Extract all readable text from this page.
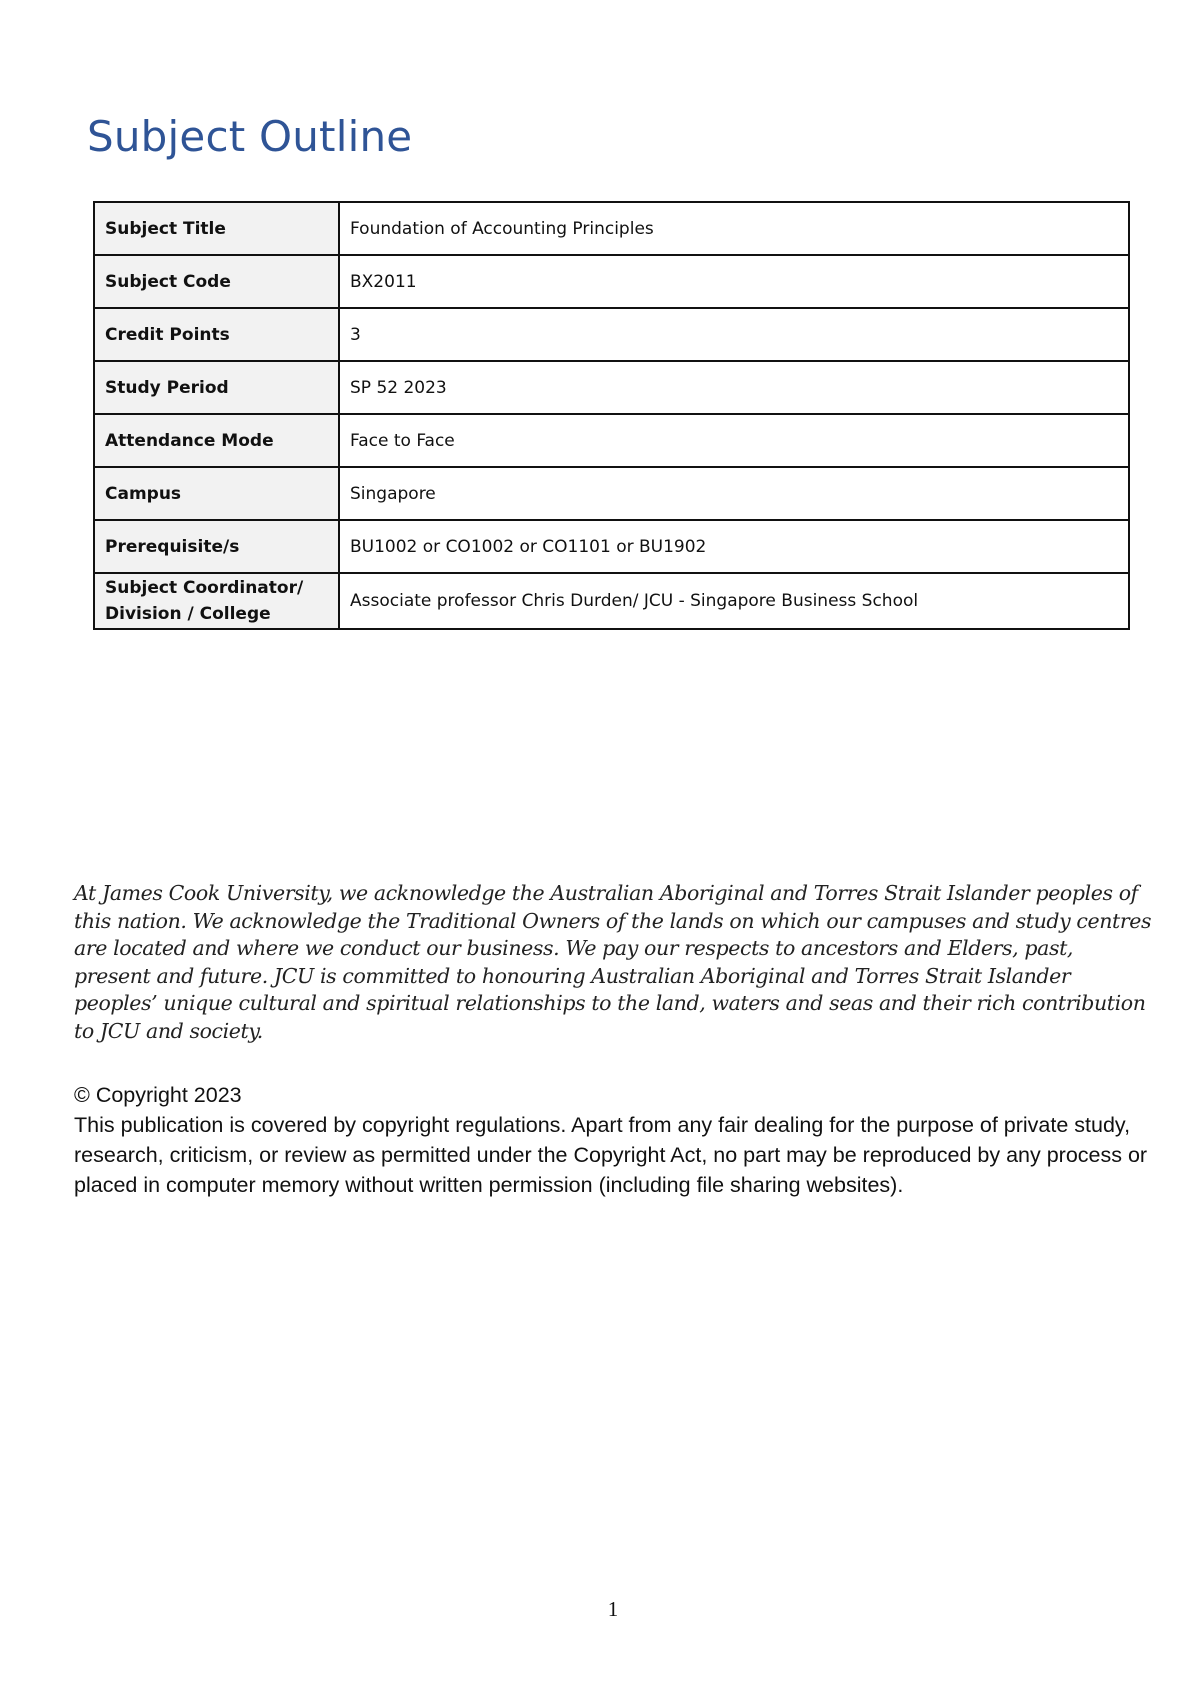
Subject Outline
Subject Title	Foundation of Accounting Principles
Subject Code	BX2011
Credit Points	3
Study Period	SP 52 2023
Attendance Mode	Face to Face
Campus	Singapore
Prerequisite/s	BU1002 or CO1002 or CO1101 or BU1902
Subject Coordinator/
Division / College	Associate professor Chris Durden/ JCU - Singapore Business School

At James Cook University, we acknowledge the Australian Aboriginal and Torres Strait Islander peoples of this nation. We acknowledge the Traditional Owners of the lands on which our campuses and study centres are located and where we conduct our business. We pay our respects to ancestors and Elders, past, present and future. JCU is committed to honouring Australian Aboriginal and Torres Strait Islander peoples’ unique cultural and spiritual relationships to the land, waters and seas and their rich contribution to JCU and society.

© Copyright 2023
This publication is covered by copyright regulations. Apart from any fair dealing for the purpose of private study, research, criticism, or review as permitted under the Copyright Act, no part may be reproduced by any process or placed in computer memory without written permission (including file sharing websites).
1
